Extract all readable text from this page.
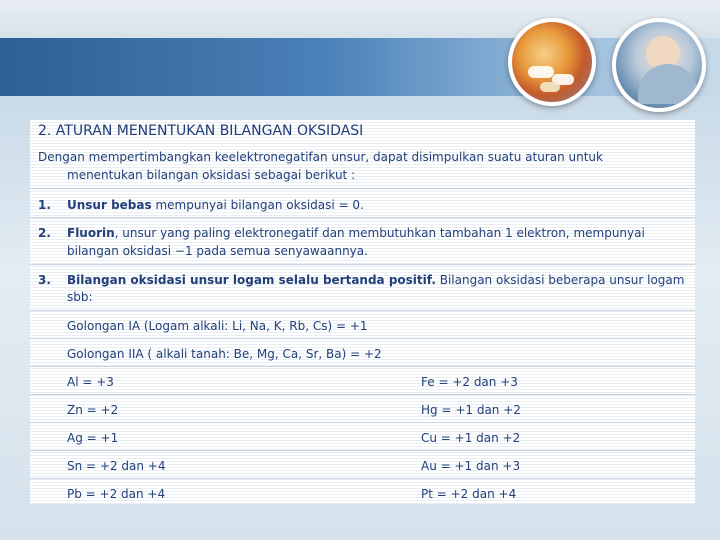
2. ATURAN MENENTUKAN BILANGAN OKSIDASI
Dengan mempertimbangkan keelektronegatifan unsur, dapat disimpulkan suatu aturan untuk
menentukan bilangan oksidasi sebagai berikut :
1. Unsur bebas mempunyai bilangan oksidasi = 0.
2. Fluorin, unsur yang paling elektronegatif dan membutuhkan tambahan 1 elektron, mempunyai
bilangan oksidasi −1 pada semua senyawaannya.
3. Bilangan oksidasi unsur logam selalu bertanda positif. Bilangan oksidasi beberapa unsur logam
sbb:
Golongan IA (Logam alkali: Li, Na, K, Rb, Cs) = +1
Golongan IIA ( alkali tanah: Be, Mg, Ca, Sr, Ba) = +2
Al = +3	Fe = +2 dan +3
Zn = +2	Hg = +1 dan +2
Ag = +1	Cu = +1 dan +2
Sn = +2 dan +4	Au = +1 dan +3
Pb = +2 dan +4	Pt = +2 dan +4
